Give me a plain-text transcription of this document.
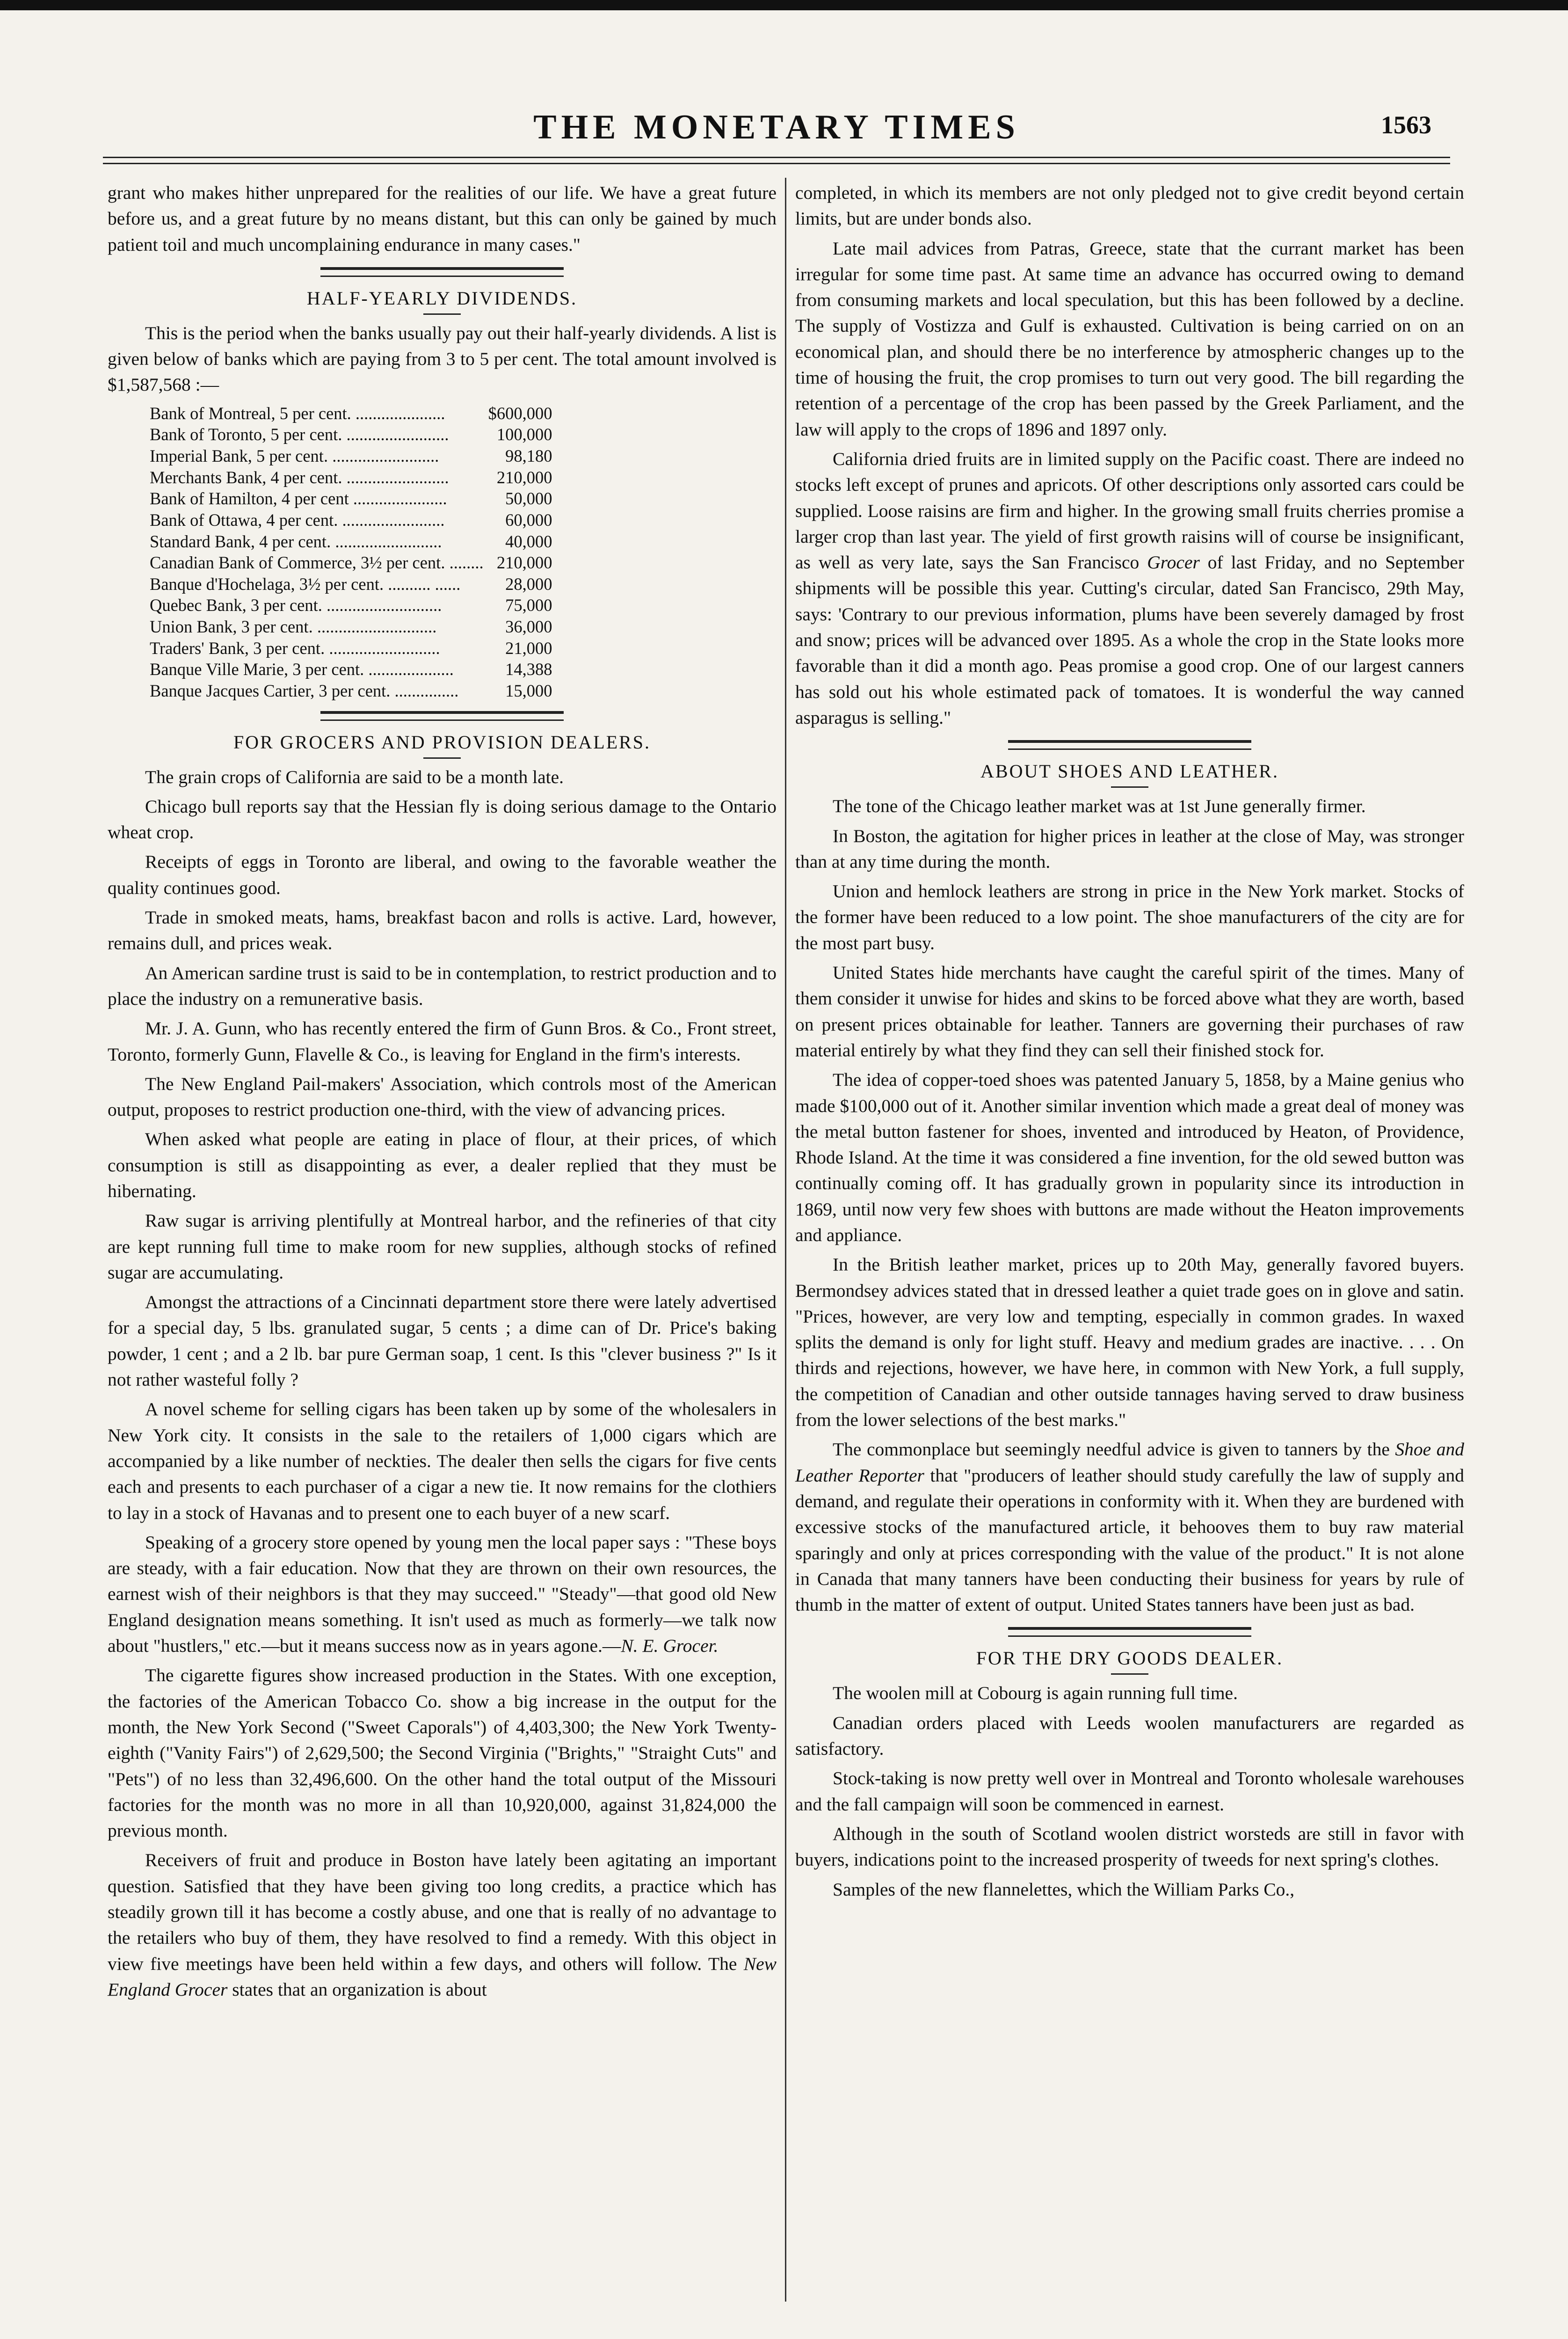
THE MONETARY TIMES	1563

grant who makes hither unprepared for the realities of our life. We have a great future before us, and a great future by no means distant, but this can only be gained by much patient toil and much uncomplaining endurance in many cases."

HALF-YEARLY DIVIDENDS.

This is the period when the banks usually pay out their half-yearly dividends. A list is given below of banks which are paying from 3 to 5 per cent. The total amount involved is $1,587,568 :—

Bank of Montreal, 5 per cent. .....................	$600,000
Bank of Toronto, 5 per cent. ........................	100,000
Imperial Bank, 5 per cent. .........................	98,180
Merchants Bank, 4 per cent. ........................	210,000
Bank of Hamilton, 4 per cent ......................	50,000
Bank of Ottawa, 4 per cent. ........................	60,000
Standard Bank, 4 per cent. .........................	40,000
Canadian Bank of Commerce, 3½ per cent. ........	210,000
Banque d'Hochelaga, 3½ per cent. .......... ......	28,000
Quebec Bank, 3 per cent. ...........................	75,000
Union Bank, 3 per cent. ............................	36,000
Traders' Bank, 3 per cent. ..........................	21,000
Banque Ville Marie, 3 per cent. ....................	14,388
Banque Jacques Cartier, 3 per cent. ...............	15,000
FOR GROCERS AND PROVISION DEALERS.

The grain crops of California are said to be a month late.

Chicago bull reports say that the Hessian fly is doing serious damage to the Ontario wheat crop.

Receipts of eggs in Toronto are liberal, and owing to the favorable weather the quality continues good.

Trade in smoked meats, hams, breakfast bacon and rolls is active. Lard, however, remains dull, and prices weak.

An American sardine trust is said to be in contemplation, to restrict production and to place the industry on a remunerative basis.

Mr. J. A. Gunn, who has recently entered the firm of Gunn Bros. & Co., Front street, Toronto, formerly Gunn, Flavelle & Co., is leaving for England in the firm's interests.

The New England Pail-makers' Association, which controls most of the American output, proposes to restrict production one-third, with the view of advancing prices.

When asked what people are eating in place of flour, at their prices, of which consumption is still as disappointing as ever, a dealer replied that they must be hibernating.

Raw sugar is arriving plentifully at Montreal harbor, and the refineries of that city are kept running full time to make room for new supplies, although stocks of refined sugar are accumulating.

Amongst the attractions of a Cincinnati department store there were lately advertised for a special day, 5 lbs. granulated sugar, 5 cents ; a dime can of Dr. Price's baking powder, 1 cent ; and a 2 lb. bar pure German soap, 1 cent. Is this "clever business ?" Is it not rather wasteful folly ?

A novel scheme for selling cigars has been taken up by some of the wholesalers in New York city. It consists in the sale to the retailers of 1,000 cigars which are accompanied by a like number of neckties. The dealer then sells the cigars for five cents each and presents to each purchaser of a cigar a new tie. It now remains for the clothiers to lay in a stock of Havanas and to present one to each buyer of a new scarf.

Speaking of a grocery store opened by young men the local paper says : "These boys are steady, with a fair education. Now that they are thrown on their own resources, the earnest wish of their neighbors is that they may succeed." "Steady"—that good old New England designation means something. It isn't used as much as formerly—we talk now about "hustlers," etc.—but it means success now as in years agone.—N. E. Grocer.

The cigarette figures show increased production in the States. With one exception, the factories of the American Tobacco Co. show a big increase in the output for the month, the New York Second ("Sweet Caporals") of 4,403,300; the New York Twenty-eighth ("Vanity Fairs") of 2,629,500; the Second Virginia ("Brights," "Straight Cuts" and "Pets") of no less than 32,496,600. On the other hand the total output of the Missouri factories for the month was no more in all than 10,920,000, against 31,824,000 the previous month.

Receivers of fruit and produce in Boston have lately been agitating an important question. Satisfied that they have been giving too long credits, a practice which has steadily grown till it has become a costly abuse, and one that is really of no advantage to the retailers who buy of them, they have resolved to find a remedy. With this object in view five meetings have been held within a few days, and others will follow. The New England Grocer states that an organization is about

completed, in which its members are not only pledged not to give credit beyond certain limits, but are under bonds also.

Late mail advices from Patras, Greece, state that the currant market has been irregular for some time past. At same time an advance has occurred owing to demand from consuming markets and local speculation, but this has been followed by a decline. The supply of Vostizza and Gulf is exhausted. Cultivation is being carried on on an economical plan, and should there be no interference by atmospheric changes up to the time of housing the fruit, the crop promises to turn out very good. The bill regarding the retention of a percentage of the crop has been passed by the Greek Parliament, and the law will apply to the crops of 1896 and 1897 only.

California dried fruits are in limited supply on the Pacific coast. There are indeed no stocks left except of prunes and apricots. Of other descriptions only assorted cars could be supplied. Loose raisins are firm and higher. In the growing small fruits cherries promise a larger crop than last year. The yield of first growth raisins will of course be insignificant, as well as very late, says the San Francisco Grocer of last Friday, and no September shipments will be possible this year. Cutting's circular, dated San Francisco, 29th May, says: 'Contrary to our previous information, plums have been severely damaged by frost and snow; prices will be advanced over 1895. As a whole the crop in the State looks more favorable than it did a month ago. Peas promise a good crop. One of our largest canners has sold out his whole estimated pack of tomatoes. It is wonderful the way canned asparagus is selling."

ABOUT SHOES AND LEATHER.

The tone of the Chicago leather market was at 1st June generally firmer.

In Boston, the agitation for higher prices in leather at the close of May, was stronger than at any time during the month.

Union and hemlock leathers are strong in price in the New York market. Stocks of the former have been reduced to a low point. The shoe manufacturers of the city are for the most part busy.

United States hide merchants have caught the careful spirit of the times. Many of them consider it unwise for hides and skins to be forced above what they are worth, based on present prices obtainable for leather. Tanners are governing their purchases of raw material entirely by what they find they can sell their finished stock for.

The idea of copper-toed shoes was patented January 5, 1858, by a Maine genius who made $100,000 out of it. Another similar invention which made a great deal of money was the metal button fastener for shoes, invented and introduced by Heaton, of Providence, Rhode Island. At the time it was considered a fine invention, for the old sewed button was continually coming off. It has gradually grown in popularity since its introduction in 1869, until now very few shoes with buttons are made without the Heaton improvements and appliance.

In the British leather market, prices up to 20th May, generally favored buyers. Bermondsey advices stated that in dressed leather a quiet trade goes on in glove and satin. "Prices, however, are very low and tempting, especially in common grades. In waxed splits the demand is only for light stuff. Heavy and medium grades are inactive. . . . On thirds and rejections, however, we have here, in common with New York, a full supply, the competition of Canadian and other outside tannages having served to draw business from the lower selections of the best marks."

The commonplace but seemingly needful advice is given to tanners by the Shoe and Leather Reporter that "producers of leather should study carefully the law of supply and demand, and regulate their operations in conformity with it. When they are burdened with excessive stocks of the manufactured article, it behooves them to buy raw material sparingly and only at prices corresponding with the value of the product." It is not alone in Canada that many tanners have been conducting their business for years by rule of thumb in the matter of extent of output. United States tanners have been just as bad.

FOR THE DRY GOODS DEALER.

The woolen mill at Cobourg is again running full time.

Canadian orders placed with Leeds woolen manufacturers are regarded as satisfactory.

Stock-taking is now pretty well over in Montreal and Toronto wholesale warehouses and the fall campaign will soon be commenced in earnest.

Although in the south of Scotland woolen district worsteds are still in favor with buyers, indications point to the increased prosperity of tweeds for next spring's clothes.

Samples of the new flannelettes, which the William Parks Co.,
